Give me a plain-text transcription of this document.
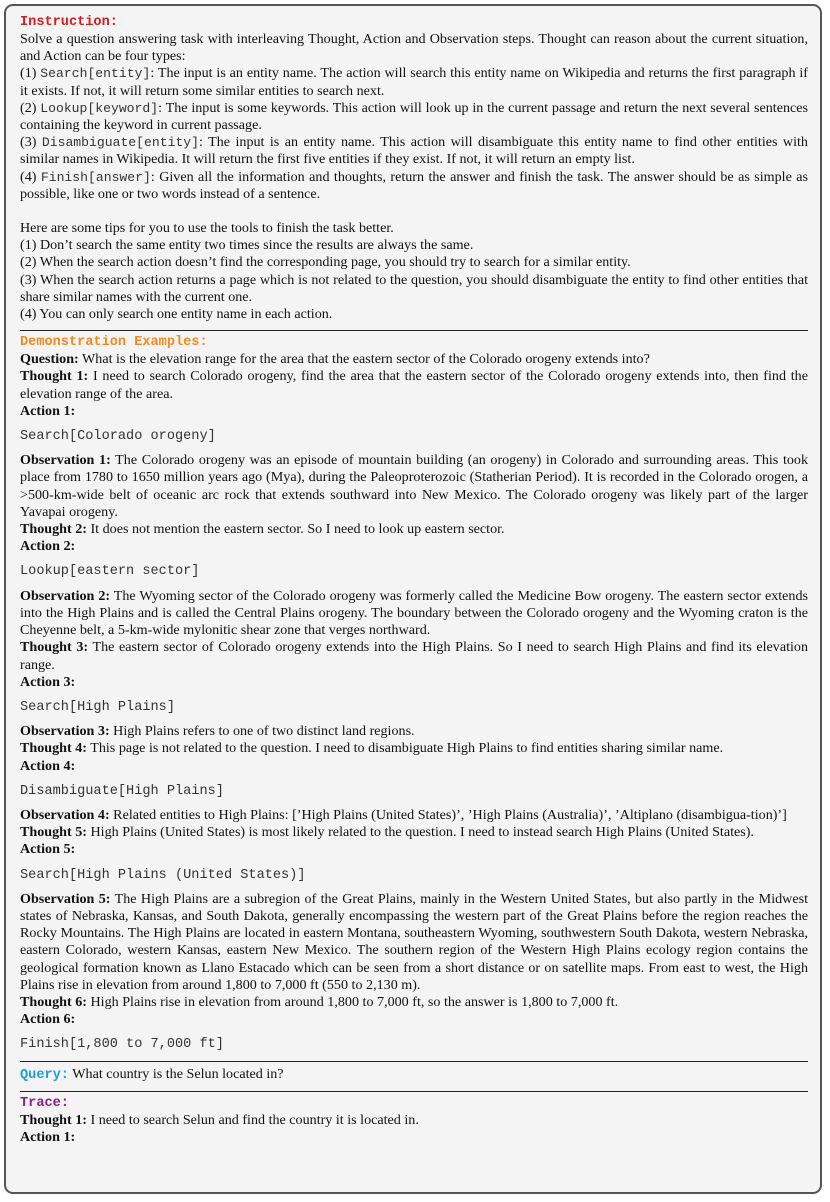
Instruction:

Solve a question answering task with interleaving Thought, Action and Observation steps. Thought can reason about the current situation, and Action can be four types:

(1) Search[entity]: The input is an entity name. The action will search this entity name on Wikipedia and returns the first paragraph if it exists. If not, it will return some similar entities to search next.

(2) Lookup[keyword]: The input is some keywords. This action will look up in the current passage and return the next several sentences containing the keyword in current passage.

(3) Disambiguate[entity]: The input is an entity name. This action will disambiguate this entity name to find other entities with similar names in Wikipedia. It will return the first five entities if they exist. If not, it will return an empty list.

(4) Finish[answer]: Given all the information and thoughts, return the answer and finish the task. The answer should be as simple as possible, like one or two words instead of a sentence.

Here are some tips for you to use the tools to finish the task better.

(1) Don’t search the same entity two times since the results are always the same.

(2) When the search action doesn’t find the corresponding page, you should try to search for a similar entity.

(3) When the search action returns a page which is not related to the question, you should disambiguate the entity to find other entities that share similar names with the current one.

(4) You can only search one entity name in each action.

Demonstration Examples:

Question: What is the elevation range for the area that the eastern sector of the Colorado orogeny extends into?

Thought 1: I need to search Colorado orogeny, find the area that the eastern sector of the Colorado orogeny extends into, then find the elevation range of the area.

Action 1:

Search[Colorado orogeny]

Observation 1: The Colorado orogeny was an episode of mountain building (an orogeny) in Colorado and surrounding areas. This took place from 1780 to 1650 million years ago (Mya), during the Paleoproterozoic (Statherian Period). It is recorded in the Colorado orogen, a >500-km-wide belt of oceanic arc rock that extends southward into New Mexico. The Colorado orogeny was likely part of the larger Yavapai orogeny.

Thought 2: It does not mention the eastern sector. So I need to look up eastern sector.

Action 2:

Lookup[eastern sector]

Observation 2: The Wyoming sector of the Colorado orogeny was formerly called the Medicine Bow orogeny. The eastern sector extends into the High Plains and is called the Central Plains orogeny. The boundary between the Colorado orogeny and the Wyoming craton is the Cheyenne belt, a 5-km-wide mylonitic shear zone that verges northward.

Thought 3: The eastern sector of Colorado orogeny extends into the High Plains. So I need to search High Plains and find its elevation range.

Action 3:

Search[High Plains]

Observation 3: High Plains refers to one of two distinct land regions.

Thought 4: This page is not related to the question. I need to disambiguate High Plains to find entities sharing similar name.

Action 4:

Disambiguate[High Plains]

Observation 4: Related entities to High Plains: [’High Plains (United States)’, ’High Plains (Australia)’, ’Altiplano (disambigua-tion)’]

Thought 5: High Plains (United States) is most likely related to the question. I need to instead search High Plains (United States).

Action 5:

Search[High Plains (United States)]

Observation 5: The High Plains are a subregion of the Great Plains, mainly in the Western United States, but also partly in the Midwest states of Nebraska, Kansas, and South Dakota, generally encompassing the western part of the Great Plains before the region reaches the Rocky Mountains. The High Plains are located in eastern Montana, southeastern Wyoming, southwestern South Dakota, western Nebraska, eastern Colorado, western Kansas, eastern New Mexico. The southern region of the Western High Plains ecology region contains the geological formation known as Llano Estacado which can be seen from a short distance or on satellite maps. From east to west, the High Plains rise in elevation from around 1,800 to 7,000 ft (550 to 2,130 m).

Thought 6: High Plains rise in elevation from around 1,800 to 7,000 ft, so the answer is 1,800 to 7,000 ft.

Action 6:

Finish[1,800 to 7,000 ft]

Query: What country is the Selun located in?

Trace:

Thought 1: I need to search Selun and find the country it is located in.

Action 1:
